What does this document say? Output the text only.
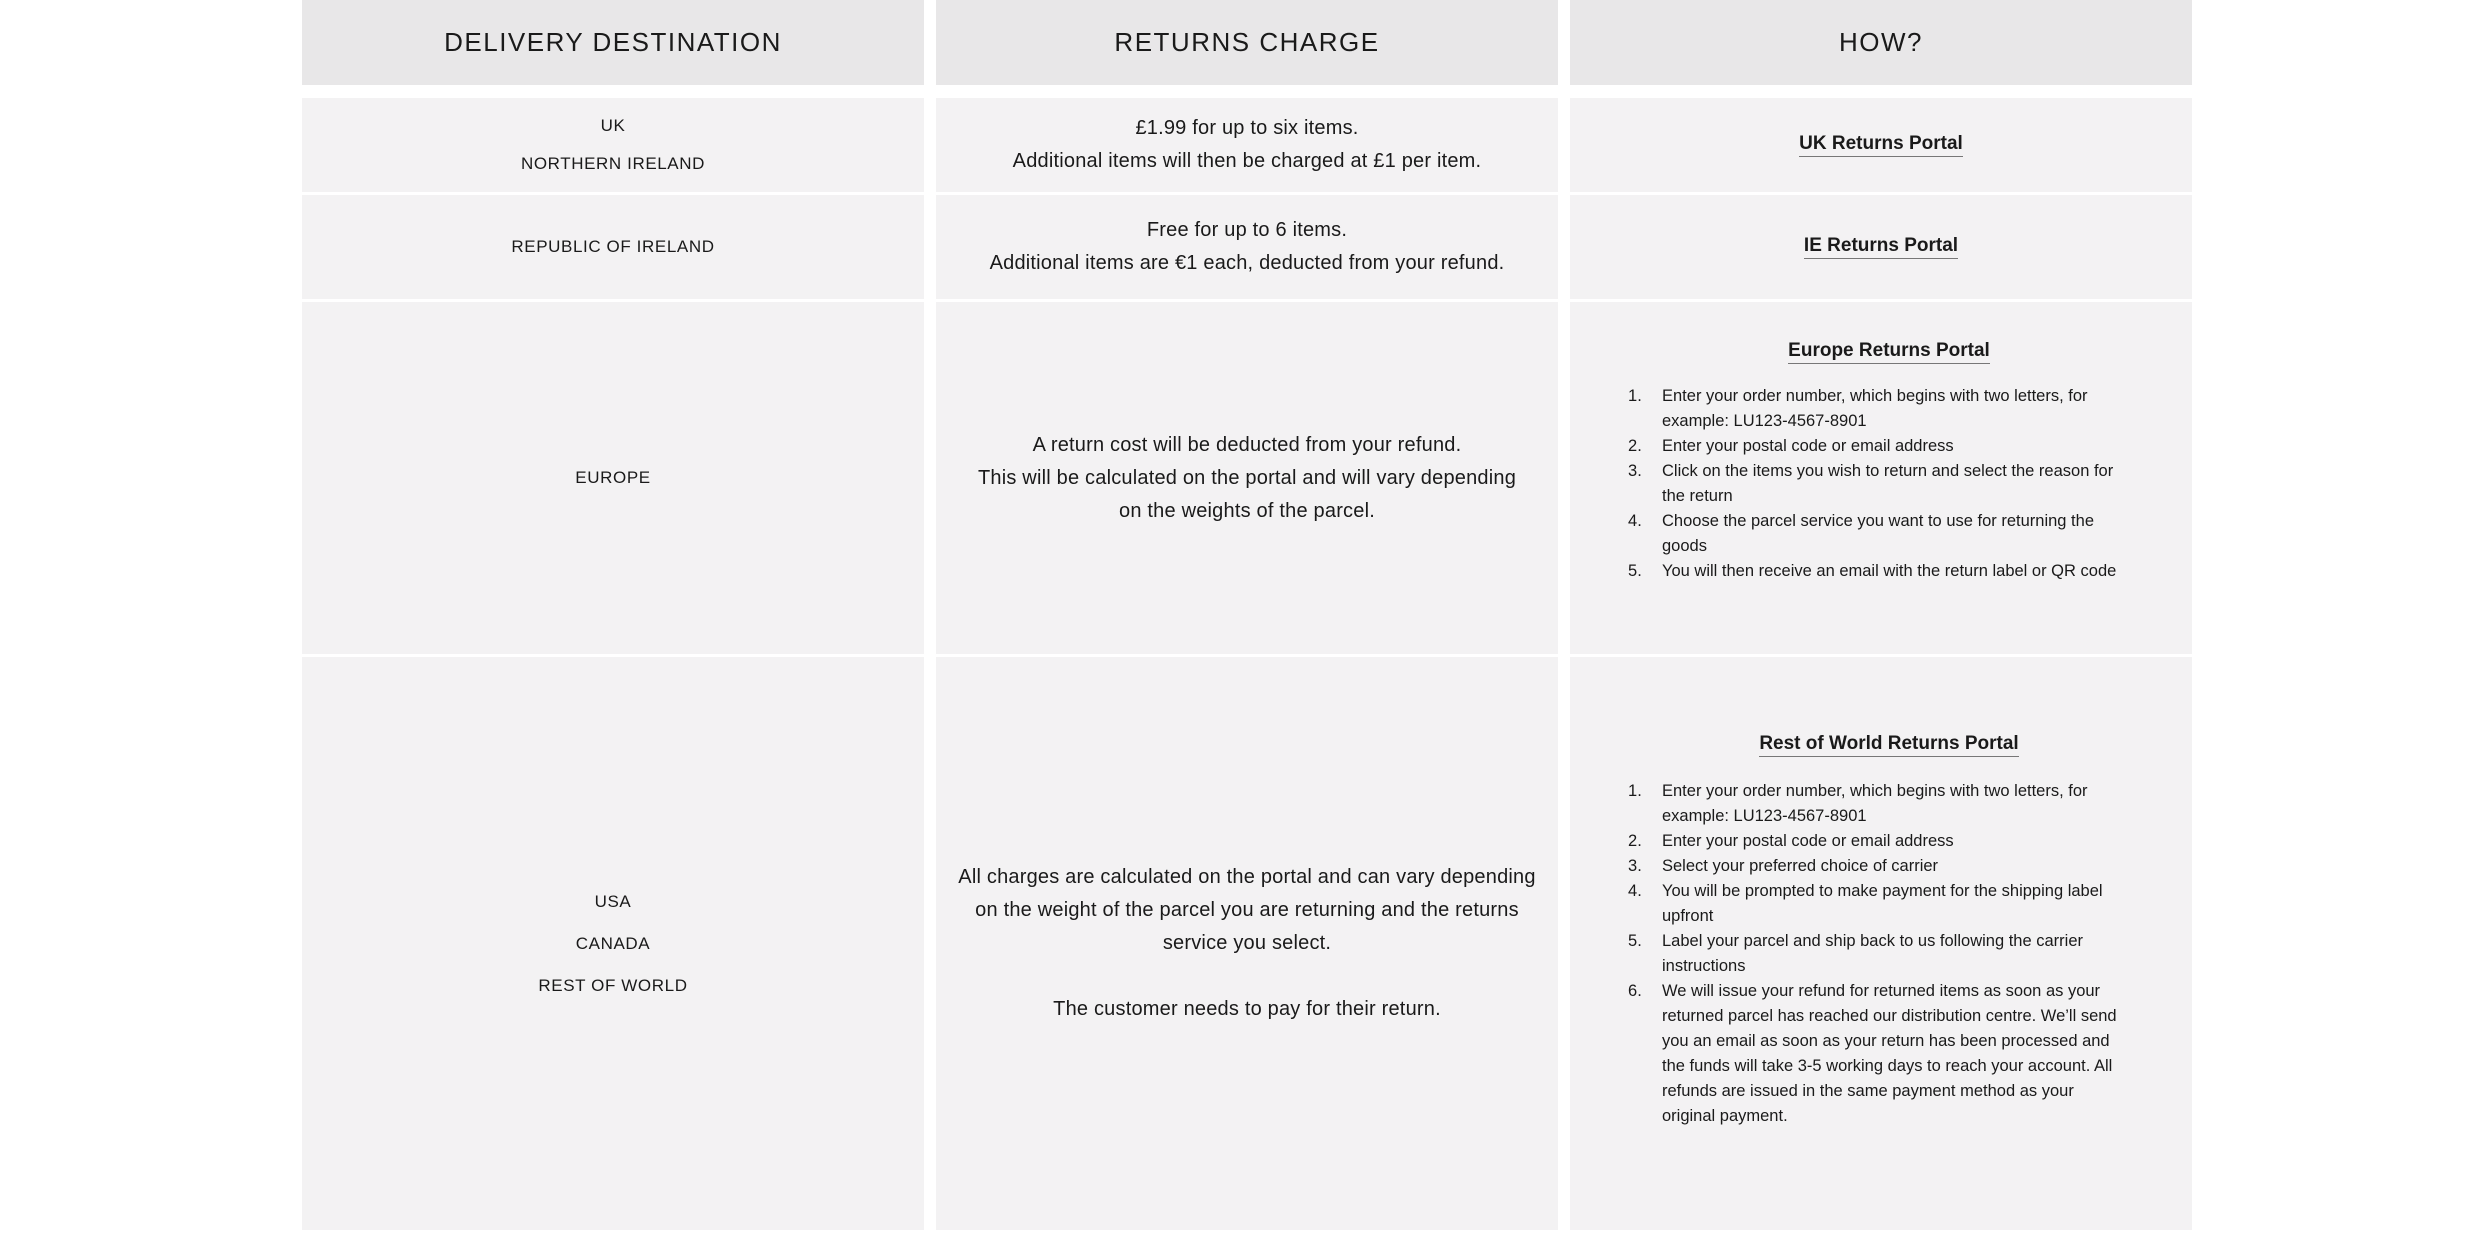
DELIVERY DESTINATION	RETURNS CHARGE	HOW?
UK
NORTHERN IRELAND

£1.99 for up to six items.

Additional items will then be charged at £1 per item.

UK Returns Portal
REPUBLIC OF IRELAND

Free for up to 6 items.

Additional items are €1 each, deducted from your refund.

IE Returns Portal
EUROPE

A return cost will be deducted from your refund.

This will be calculated on the portal and will vary depending

on the weights of the parcel.

Europe Returns Portal
Enter your order number, which begins with two letters, for example: LU123-4567-8901
Enter your postal code or email address
Click on the items you wish to return and select the reason for the return
Choose the parcel service you want to use for returning the goods
You will then receive an email with the return label or QR code
USA
CANADA
REST OF WORLD

All charges are calculated on the portal and can vary depending

on the weight of the parcel you are returning and the returns

service you select.

The customer needs to pay for their return.

Rest of World Returns Portal
Enter your order number, which begins with two letters, for example: LU123-4567-8901
Enter your postal code or email address
Select your preferred choice of carrier
You will be prompted to make payment for the shipping label upfront
Label your parcel and ship back to us following the carrier instructions
We will issue your refund for returned items as soon as your returned parcel has reached our distribution centre. We’ll send you an email as soon as your return has been processed and the funds will take 3-5 working days to reach your account. All refunds are issued in the same payment method as your original payment.
